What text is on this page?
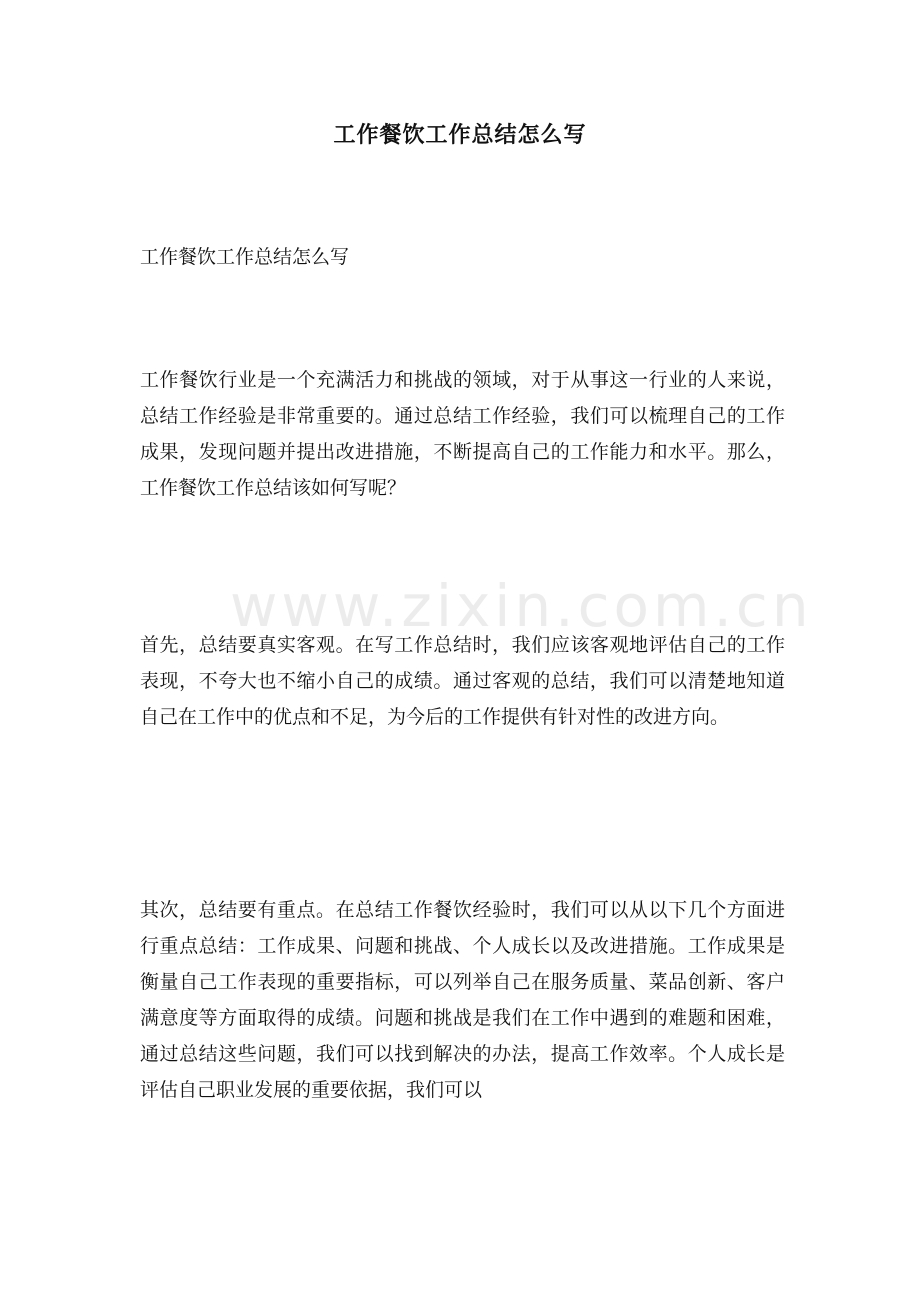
www.zixin.com.cn
工作餐饮工作总结怎么写
工作餐饮工作总结怎么写
工作餐饮行业是一个充满活力和挑战的领域，对于从事这一行业的人来说，总结工作经验是非常重要的。通过总结工作经验，我们可以梳理自己的工作成果，发现问题并提出改进措施，不断提高自己的工作能力和水平。那么，工作餐饮工作总结该如何写呢？
首先，总结要真实客观。在写工作总结时，我们应该客观地评估自己的工作表现，不夸大也不缩小自己的成绩。通过客观的总结，我们可以清楚地知道自己在工作中的优点和不足，为今后的工作提供有针对性的改进方向。
其次，总结要有重点。在总结工作餐饮经验时，我们可以从以下几个方面进行重点总结：工作成果、问题和挑战、个人成长以及改进措施。工作成果是衡量自己工作表现的重要指标，可以列举自己在服务质量、菜品创新、客户满意度等方面取得的成绩。问题和挑战是我们在工作中遇到的难题和困难，通过总结这些问题，我们可以找到解决的办法，提高工作效率。个人成长是评估自己职业发展的重要依据，我们可以
